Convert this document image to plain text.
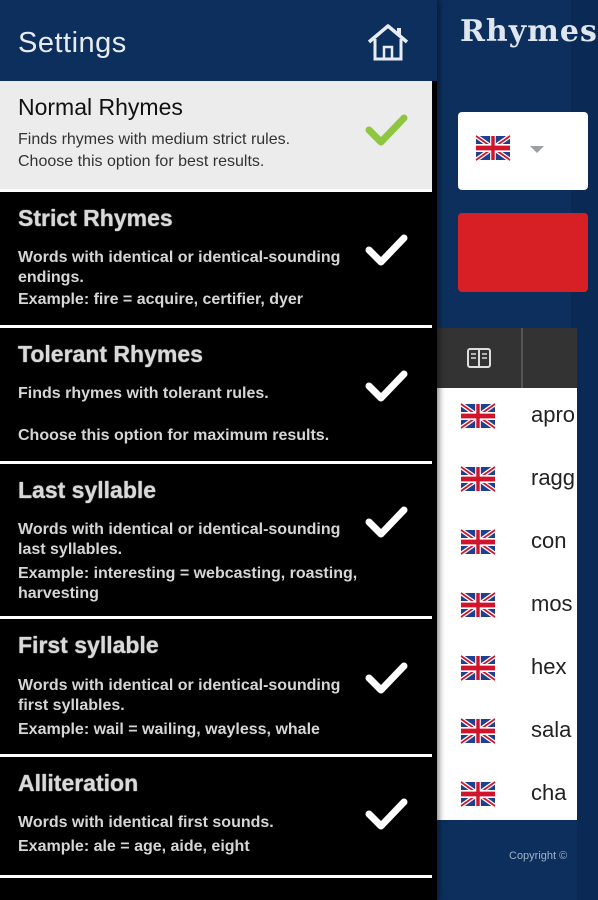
Rhymes
apro
ragg
con
mos
hex
sala
cha
Copyright ©
Settings
Normal Rhymes
Finds rhymes with medium strict rules.
Choose this option for best results.
Strict Rhymes
Words with identical or identical-sounding endings.
Example: fire = acquire, certifier, dyer
Tolerant Rhymes
Finds rhymes with tolerant rules.
Choose this option for maximum results.
Last syllable
Words with identical or identical-sounding last syllables.
Example: interesting = webcasting, roasting, harvesting
First syllable
Words with identical or identical-sounding first syllables.
Example: wail = wailing, wayless, whale
Alliteration
Words with identical first sounds.
Example: ale = age, aide, eight
